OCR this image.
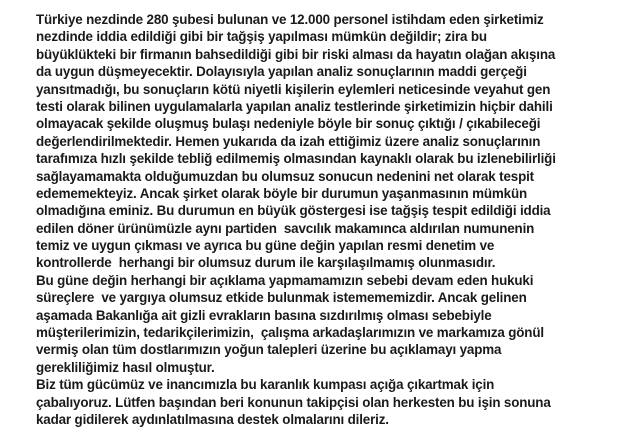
Türkiye nezdinde 280 şubesi bulunan ve 12.000 personel istihdam eden şirketimiz
nezdinde iddia edildiği gibi bir tağşiş yapılması mümkün değildir; zira bu
büyüklükteki bir firmanın bahsedildiği gibi bir riski alması da hayatın olağan akışına
da uygun düşmeyecektir. Dolayısıyla yapılan analiz sonuçlarının maddi gerçeği
yansıtmadığı, bu sonuçların kötü niyetli kişilerin eylemleri neticesinde veyahut gen
testi olarak bilinen uygulamalarla yapılan analiz testlerinde şirketimizin hiçbir dahili
olmayacak şekilde oluşmuş bulaşı nedeniyle böyle bir sonuç çıktığı / çıkabileceği
değerlendirilmektedir. Hemen yukarıda da izah ettiğimiz üzere analiz sonuçlarının
tarafımıza hızlı şekilde tebliğ edilmemiş olmasından kaynaklı olarak bu izlenebilirliği
sağlayamamakta olduğumuzdan bu olumsuz sonucun nedenini net olarak tespit
edememekteyiz. Ancak şirket olarak böyle bir durumun yaşanmasının mümkün
olmadığına eminiz. Bu durumun en büyük göstergesi ise tağşiş tespit edildiği iddia
edilen döner ürünümüzle aynı partiden  savcılık makamınca aldırılan numunenin
temiz ve uygun çıkması ve ayrıca bu güne değin yapılan resmi denetim ve
kontrollerde  herhangi bir olumsuz durum ile karşılaşılmamış olunmasıdır.
Bu güne değin herhangi bir açıklama yapmamamızın sebebi devam eden hukuki
süreçlere  ve yargıya olumsuz etkide bulunmak istemememizdir. Ancak gelinen
aşamada Bakanlığa ait gizli evrakların basına sızdırılmış olması sebebiyle
müşterilerimizin, tedarikçilerimizin,  çalışma arkadaşlarımızın ve markamıza gönül
vermiş olan tüm dostlarımızın yoğun talepleri üzerine bu açıklamayı yapma
gerekliliğimiz hasıl olmuştur.
Biz tüm gücümüz ve inancımızla bu karanlık kumpası açığa çıkartmak için
çabalıyoruz. Lütfen başından beri konunun takipçisi olan herkesten bu işin sonuna
kadar gidilerek aydınlatılmasına destek olmalarını dileriz.
